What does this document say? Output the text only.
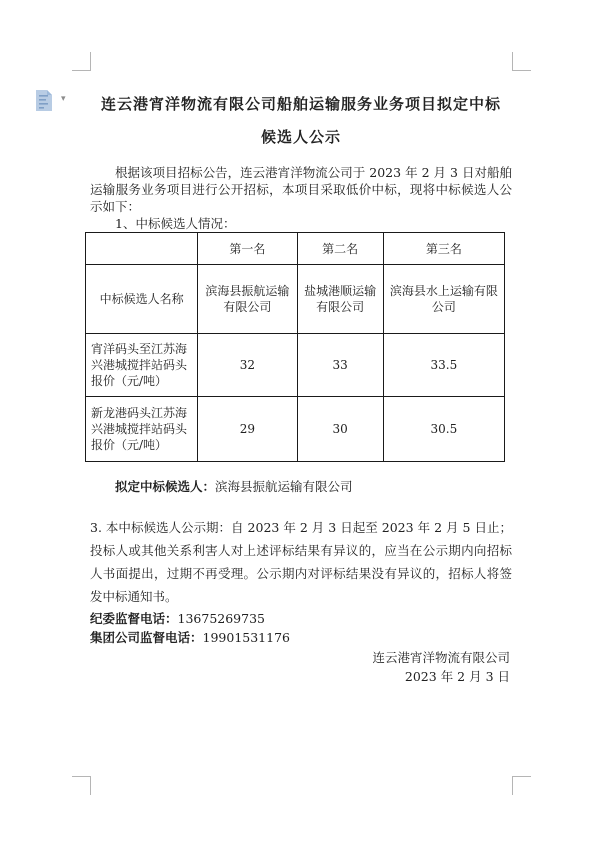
▾	连云港宵洋物流有限公司船舶运输服务业务项目拟定中标
候选人公示

根据该项目招标公告，连云港宵洋物流公司于 2023 年 2 月 3 日对船舶运输服务业务项目进行公开招标，本项目采取低价中标，现将中标候选人公示如下：

1、中标候选人情况：
	第一名	第二名	第三名
中标候选人名称	滨海县振航运输有限公司	盐城港顺运输有限公司	滨海县水上运输有限公司
宵洋码头至江苏海兴港城搅拌站码头报价（元/吨）	32	33	33.5
新龙港码头江苏海兴港城搅拌站码头报价（元/吨）	29	30	30.5
拟定中标候选人：滨海县振航运输有限公司

3. 本中标候选人公示期：自 2023 年 2 月 3 日起至 2023 年 2 月 5 日止；投标人或其他关系利害人对上述评标结果有异议的，应当在公示期内向招标人书面提出，过期不再受理。公示期内对评标结果没有异议的，招标人将签发中标通知书。

纪委监督电话：13675269735
集团公司监督电话：19901531176
连云港宵洋物流有限公司
2023 年 2 月 3 日
